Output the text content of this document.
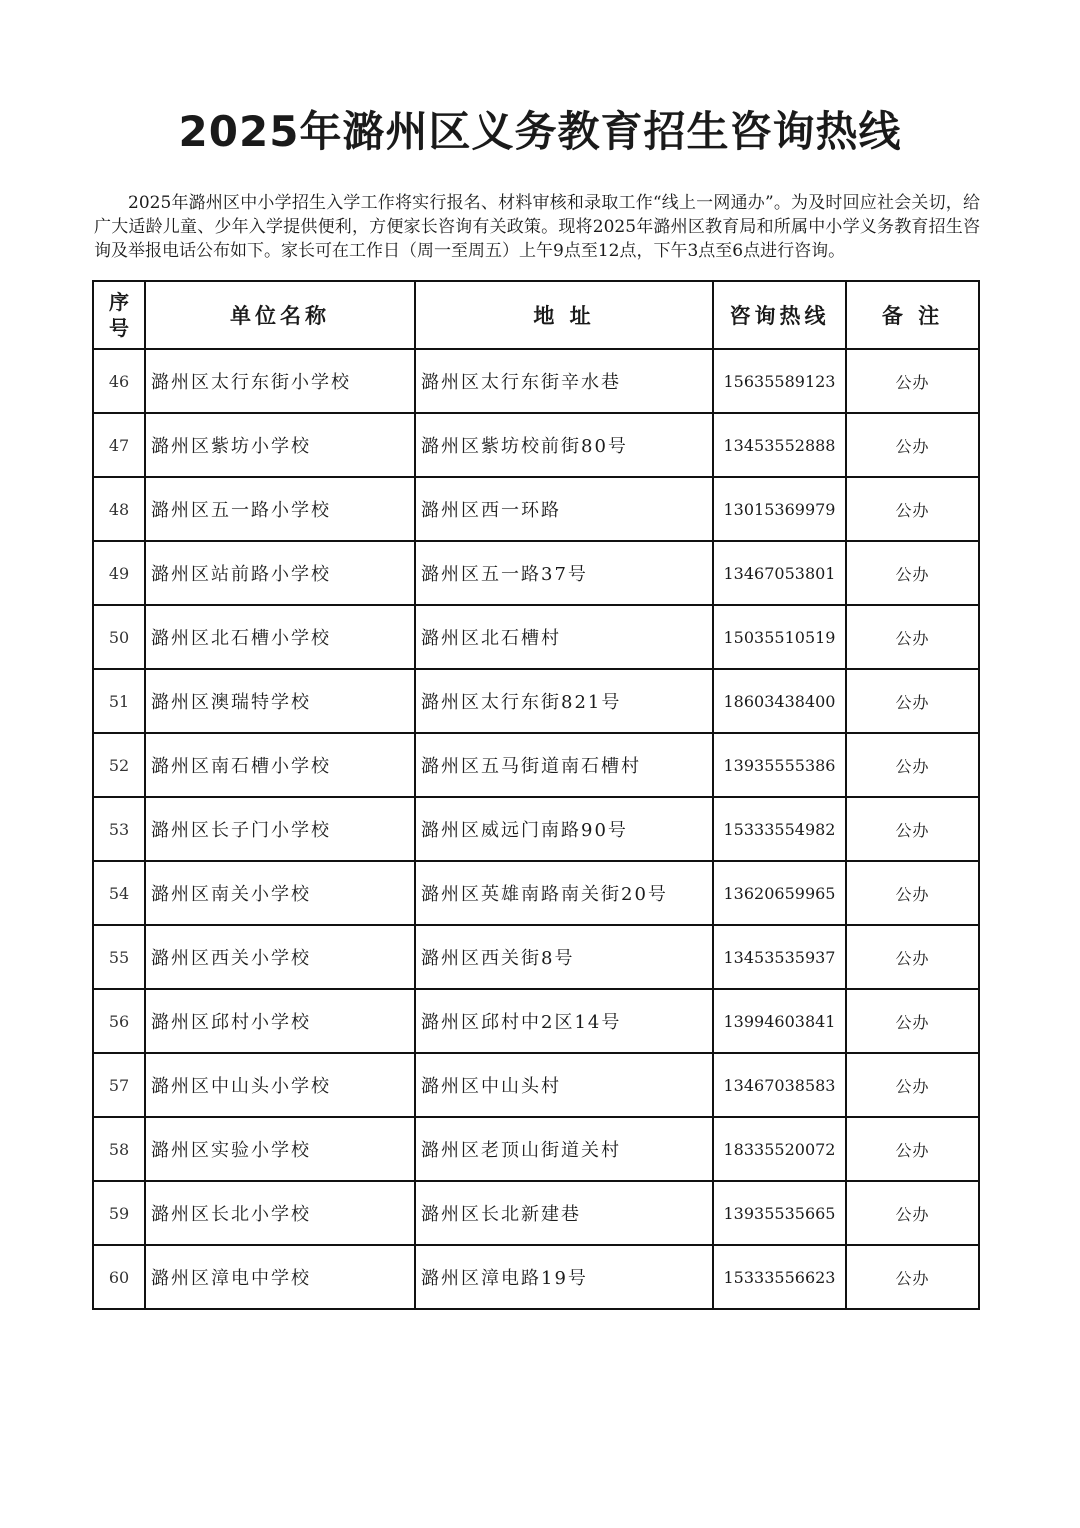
2025年潞州区义务教育招生咨询热线

2025年潞州区中小学招生入学工作将实行报名、材料审核和录取工作“线上一网通办”。为及时回应社会关切，给广大适龄儿童、少年入学提供便利，方便家长咨询有关政策。现将2025年潞州区教育局和所属中小学义务教育招生咨询及举报电话公布如下。家长可在工作日（周一至周五）上午9点至12点，下午3点至6点进行咨询。

序
号	单位名称	地 址	咨询热线	备 注
46	潞州区太行东街小学校	潞州区太行东街辛水巷	15635589123	公办
47	潞州区紫坊小学校	潞州区紫坊校前街80号	13453552888	公办
48	潞州区五一路小学校	潞州区西一环路	13015369979	公办
49	潞州区站前路小学校	潞州区五一路37号	13467053801	公办
50	潞州区北石槽小学校	潞州区北石槽村	15035510519	公办
51	潞州区澳瑞特学校	潞州区太行东街821号	18603438400	公办
52	潞州区南石槽小学校	潞州区五马街道南石槽村	13935555386	公办
53	潞州区长子门小学校	潞州区威远门南路90号	15333554982	公办
54	潞州区南关小学校	潞州区英雄南路南关街20号	13620659965	公办
55	潞州区西关小学校	潞州区西关街8号	13453535937	公办
56	潞州区邱村小学校	潞州区邱村中2区14号	13994603841	公办
57	潞州区中山头小学校	潞州区中山头村	13467038583	公办
58	潞州区实验小学校	潞州区老顶山街道关村	18335520072	公办
59	潞州区长北小学校	潞州区长北新建巷	13935535665	公办
60	潞州区漳电中学校	潞州区漳电路19号	15333556623	公办
